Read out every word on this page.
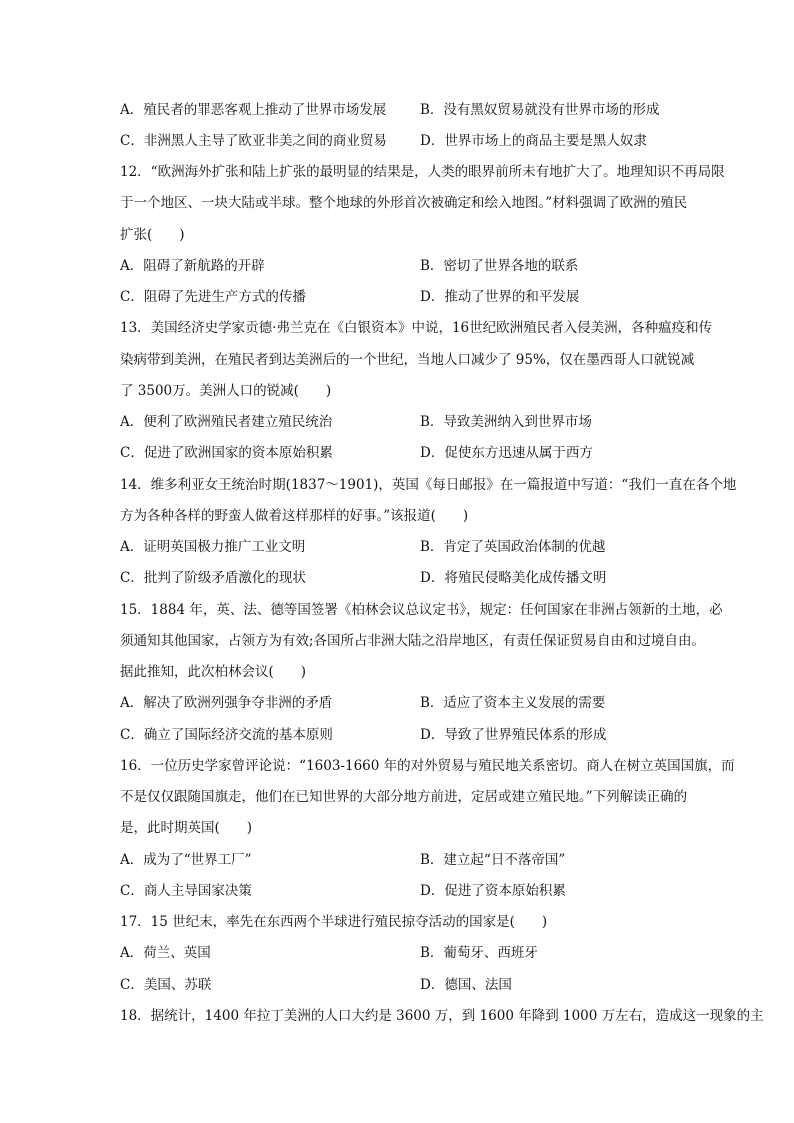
A．殖民者的罪恶客观上推动了世界市场发展	B．没有黑奴贸易就没有世界市场的形成
C．非洲黑人主导了欧亚非美之间的商业贸易 D．世界市场上的商品主要是黑人奴隶
12．“欧洲海外扩张和陆上扩张的最明显的结果是，人类的眼界前所未有地扩大了。地理知识不再局限
于一个地区、一块大陆或半球。整个地球的外形首次被确定和绘入地图。”材料强调了欧洲的殖民
扩张(　　)
A．阻碍了新航路的开辟	B．密切了世界各地的联系
C．阻碍了先进生产方式的传播	D．推动了世界的和平发展
13．美国经济史学家贡德·弗兰克在《白银资本》中说，16世纪欧洲殖民者入侵美洲，各种瘟疫和传
染病带到美洲，在殖民者到达美洲后的一个世纪，当地人口减少了 95%，仅在墨西哥人口就锐减
了 3500万。美洲人口的锐减(　　)
A．便利了欧洲殖民者建立殖民统治	B．导致美洲纳入到世界市场
C．促进了欧洲国家的资本原始积累	D．促使东方迅速从属于西方
14．维多利亚女王统治时期(1837～1901)，英国《每日邮报》在一篇报道中写道：“我们一直在各个地
方为各种各样的野蛮人做着这样那样的好事。”该报道(　　)
A．证明英国极力推广工业文明	B．肯定了英国政治体制的优越
C．批判了阶级矛盾激化的现状	D．将殖民侵略美化成传播文明
15．1884 年，英、法、德等国签署《柏林会议总议定书》，规定：任何国家在非洲占领新的土地，必
须通知其他国家，占领方为有效;各国所占非洲大陆之沿岸地区，有责任保证贸易自由和过境自由。
据此推知，此次柏林会议(　　)
A．解决了欧洲列强争夺非洲的矛盾	B．适应了资本主义发展的需要
C．确立了国际经济交流的基本原则	D．导致了世界殖民体系的形成
16．一位历史学家曾评论说：“1603-1660 年的对外贸易与殖民地关系密切。商人在树立英国国旗，而
不是仅仅跟随国旗走，他们在已知世界的大部分地方前进，定居或建立殖民地。”下列解读正确的
是，此时期英国(　　)
A．成为了“世界工厂”	B．建立起“日不落帝国”
C．商人主导国家决策	D．促进了资本原始积累
17．15 世纪末，率先在东西两个半球进行殖民掠夺活动的国家是(　　)
A．荷兰、英国	B．葡萄牙、西班牙
C．美国、苏联	D．德国、法国
18．据统计，1400 年拉丁美洲的人口大约是 3600 万，到 1600 年降到 1000 万左右，造成这一现象的主
